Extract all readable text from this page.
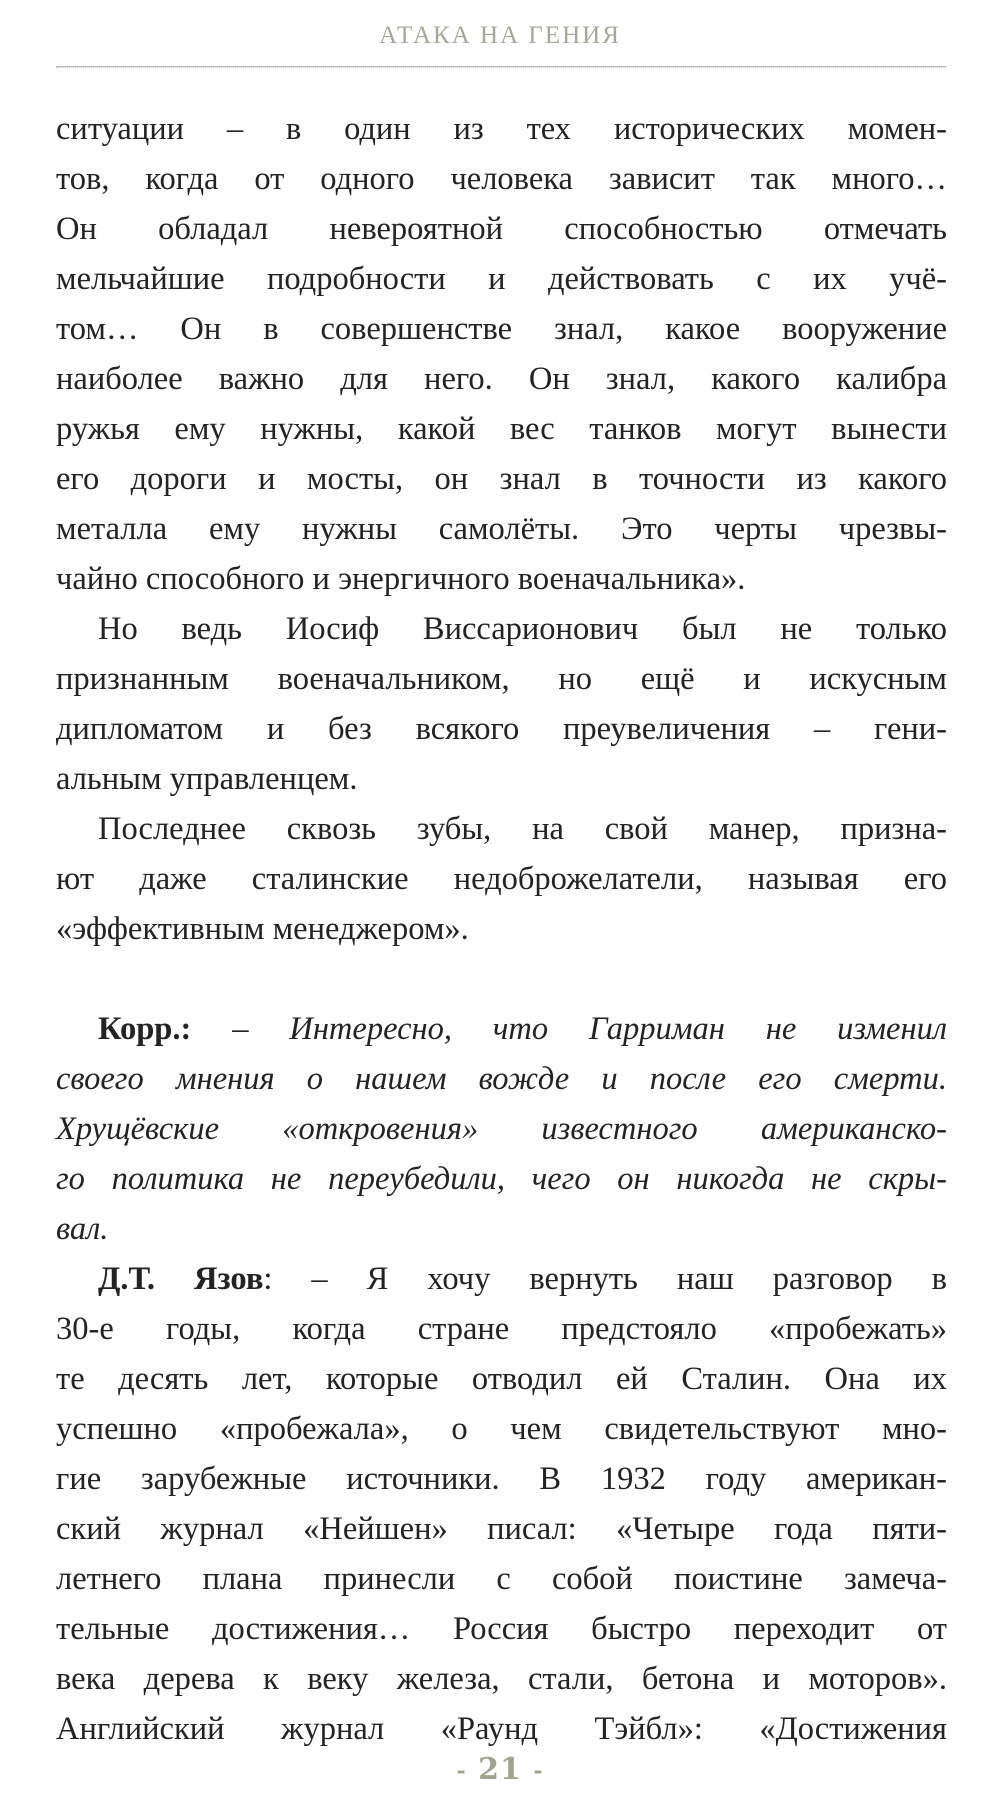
АТАКА НА ГЕНИЯ

ситуации – в один из тех исторических момен-
тов, когда от одного человека зависит так много…
Он обладал невероятной способностью отмечать
мельчайшие подробности и действовать с их учё-
том… Он в совершенстве знал, какое вооружение
наиболее важно для него. Он знал, какого калибра
ружья ему нужны, какой вес танков могут вынести
его дороги и мосты, он знал в точности из какого
металла ему нужны самолёты. Это черты чрезвы-
чайно способного и энергичного военачальника».

Но ведь Иосиф Виссарионович был не только
признанным военачальником, но ещё и искусным
дипломатом и без всякого преувеличения – гени-
альным управленцем.

Последнее сквозь зубы, на свой манер, призна-
ют даже сталинские недоброжелатели, называя его
«эффективным менеджером».

Корр.: – Интересно, что Гарриман не изменил
своего мнения о нашем вожде и после его смерти.
Хрущёвские «откровения» известного американско-
го политика не переубедили, чего он никогда не скры-
вал.

Д.Т. Язов: – Я хочу вернуть наш разговор в
30-е годы, когда стране предстояло «пробежать»
те десять лет, которые отводил ей Сталин. Она их
успешно «пробежала», о чем свидетельствуют мно-
гие зарубежные источники. В 1932 году американ-
ский журнал «Нейшен» писал: «Четыре года пяти-
летнего плана принесли с собой поистине замеча-
тельные достижения… Россия быстро переходит от
века дерева к веку железа, стали, бетона и моторов».
Английский журнал «Раунд Тэйбл»: «Достижения

- 21 -
